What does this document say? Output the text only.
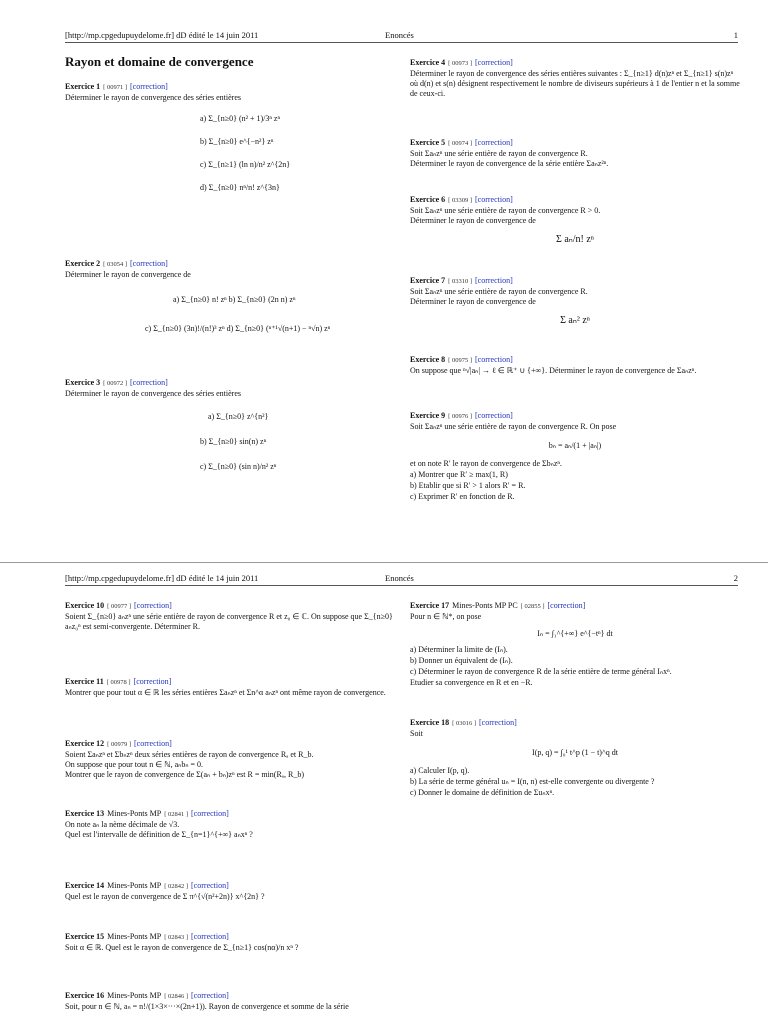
[http://mp.cpgedupuydelome.fr] dD édité le 14 juin 2011	Enoncés	1
Rayon et domaine de convergence

Exercice 1 [ 00971 ] [correction]

Déterminer le rayon de convergence des séries entières

a) Σ_{n≥0} (n² + 1)/3ⁿ zⁿ

b) Σ_{n≥0} e^{−n²} zⁿ

c) Σ_{n≥1} (ln n)/n² z^{2n}

d) Σ_{n≥0} nⁿ/n! z^{3n}

Exercice 2 [ 03054 ] [correction]

Déterminer le rayon de convergence de

a) Σ_{n≥0} n! zⁿ b) Σ_{n≥0} (2n n) zⁿ

c) Σ_{n≥0} (3n)!/(n!)³ zⁿ d) Σ_{n≥0} (ⁿ⁺¹√(n+1) − ⁿ√n) zⁿ

Exercice 3 [ 00972 ] [correction]

Déterminer le rayon de convergence des séries entières

a) Σ_{n≥0} z^{n²}

b) Σ_{n≥0} sin(n) zⁿ

c) Σ_{n≥0} (sin n)/n² zⁿ

Exercice 4 [ 00973 ] [correction]

Déterminer le rayon de convergence des séries entières suivantes : Σ_{n≥1} d(n)zⁿ et Σ_{n≥1} s(n)zⁿ où d(n) et s(n) désignent respectivement le nombre de diviseurs supérieurs à 1 de l'entier n et la somme de ceux-ci.

Exercice 5 [ 00974 ] [correction]

Soit Σaₙzⁿ une série entière de rayon de convergence R.

Déterminer le rayon de convergence de la série entière Σaₙz²ⁿ.

Exercice 6 [ 03309 ] [correction]

Soit Σaₙzⁿ une série entière de rayon de convergence R > 0.

Déterminer le rayon de convergence de

Σ aₙ/n! zⁿ

Exercice 7 [ 03310 ] [correction]

Soit Σaₙzⁿ une série entière de rayon de convergence R.

Déterminer le rayon de convergence de

Σ aₙ² zⁿ

Exercice 8 [ 00975 ] [correction]

On suppose que ⁿ√|aₙ| → ℓ ∈ ℝ⁺ ∪ {+∞}. Déterminer le rayon de convergence de Σaₙzⁿ.

Exercice 9 [ 00976 ] [correction]

Soit Σaₙzⁿ une série entière de rayon de convergence R. On pose

bₙ = aₙ/(1 + |aₙ|)

et on note R′ le rayon de convergence de Σbₙzⁿ.

a) Montrer que R′ ≥ max(1, R)

b) Etablir que si R′ > 1 alors R′ = R.

c) Exprimer R′ en fonction de R.

[http://mp.cpgedupuydelome.fr] dD édité le 14 juin 2011	Enoncés	2

Exercice 10 [ 00977 ] [correction]

Soient Σ_{n≥0} aₙzⁿ une série entière de rayon de convergence R et z₀ ∈ ℂ. On suppose que Σ_{n≥0} aₙz₀ⁿ est semi-convergente. Déterminer R.

Exercice 11 [ 00978 ] [correction]

Montrer que pour tout α ∈ ℝ les séries entières Σaₙzⁿ et Σn^α aₙzⁿ ont même rayon de convergence.

Exercice 12 [ 00979 ] [correction]

Soient Σaₙzⁿ et Σbₙzⁿ deux séries entières de rayon de convergence Rₐ et R_b.

On suppose que pour tout n ∈ ℕ, aₙbₙ = 0.

Montrer que le rayon de convergence de Σ(aₙ + bₙ)zⁿ est R = min(Rₐ, R_b)

Exercice 13 Mines-Ponts MP [ 02841 ] [correction]

On note aₙ la nème décimale de √3.

Quel est l'intervalle de définition de Σ_{n=1}^{+∞} aₙxⁿ ?

Exercice 14 Mines-Ponts MP [ 02842 ] [correction]

Quel est le rayon de convergence de Σ π^{√(n²+2n)} x^{2n} ?

Exercice 15 Mines-Ponts MP [ 02843 ] [correction]

Soit α ∈ ℝ. Quel est le rayon de convergence de Σ_{n≥1} cos(nα)/n xⁿ ?

Exercice 16 Mines-Ponts MP [ 02846 ] [correction]

Soit, pour n ∈ ℕ, aₙ = n!/(1×3×···×(2n+1)). Rayon de convergence et somme de la série

Exercice 17 Mines-Ponts MP PC [ 02855 ] [correction]

Pour n ∈ ℕ*, on pose

Iₙ = ∫₁^{+∞} e^{−tⁿ} dt

a) Déterminer la limite de (Iₙ).

b) Donner un équivalent de (Iₙ).

c) Déterminer le rayon de convergence R de la série entière de terme général Iₙxⁿ.

Etudier sa convergence en R et en −R.

Exercice 18 [ 03016 ] [correction]

Soit

I(p, q) = ∫₀¹ t^p (1 − t)^q dt

a) Calculer I(p, q).

b) La série de terme général uₙ = I(n, n) est-elle convergente ou divergente ?

c) Donner le domaine de définition de Σuₙxⁿ.
